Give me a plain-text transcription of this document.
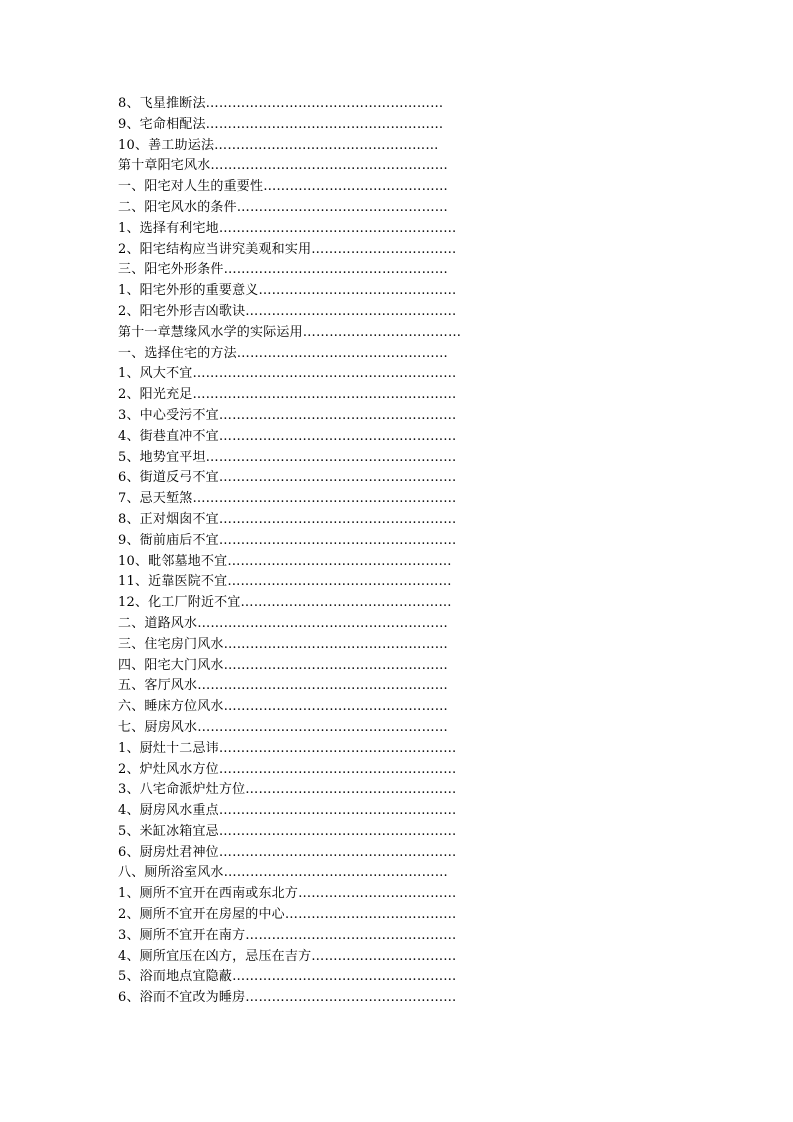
8、飞星推断法………………………………………………
9、宅命相配法………………………………………………
10、善工助运法……………………………………………
第十章阳宅风水………………………………………………
一、阳宅对人生的重要性……………………………………
二、阳宅风水的条件…………………………………………
1、选择有利宅地………………………………………………
2、阳宅结构应当讲究美观和实用……………………………
三、阳宅外形条件……………………………………………
1、阳宅外形的重要意义………………………………………
2、阳宅外形吉凶歌诀…………………………………………
第十一章慧缘风水学的实际运用………………………………
一、选择住宅的方法…………………………………………
1、风大不宜……………………………………………………
2、阳光充足……………………………………………………
3、中心受污不宜………………………………………………
4、街巷直冲不宜………………………………………………
5、地势宜平坦…………………………………………………
6、街道反弓不宜………………………………………………
7、忌天堑煞……………………………………………………
8、正对烟囱不宜………………………………………………
9、衙前庙后不宜………………………………………………
10、毗邻墓地不宜……………………………………………
11、近靠医院不宜……………………………………………
12、化工厂附近不宜…………………………………………
二、道路风水…………………………………………………
三、住宅房门风水……………………………………………
四、阳宅大门风水……………………………………………
五、客厅风水…………………………………………………
六、睡床方位风水……………………………………………
七、厨房风水…………………………………………………
1、厨灶十二忌讳………………………………………………
2、炉灶风水方位………………………………………………
3、八宅命派炉灶方位…………………………………………
4、厨房风水重点………………………………………………
5、米缸冰箱宜忌………………………………………………
6、厨房灶君神位………………………………………………
八、厕所浴室风水……………………………………………
1、厕所不宜开在西南或东北方………………………………
2、厕所不宜开在房屋的中心…………………………………
3、厕所不宜开在南方…………………………………………
4、厕所宜压在凶方，忌压在吉方……………………………
5、浴而地点宜隐蔽……………………………………………
6、浴而不宜改为睡房…………………………………………
